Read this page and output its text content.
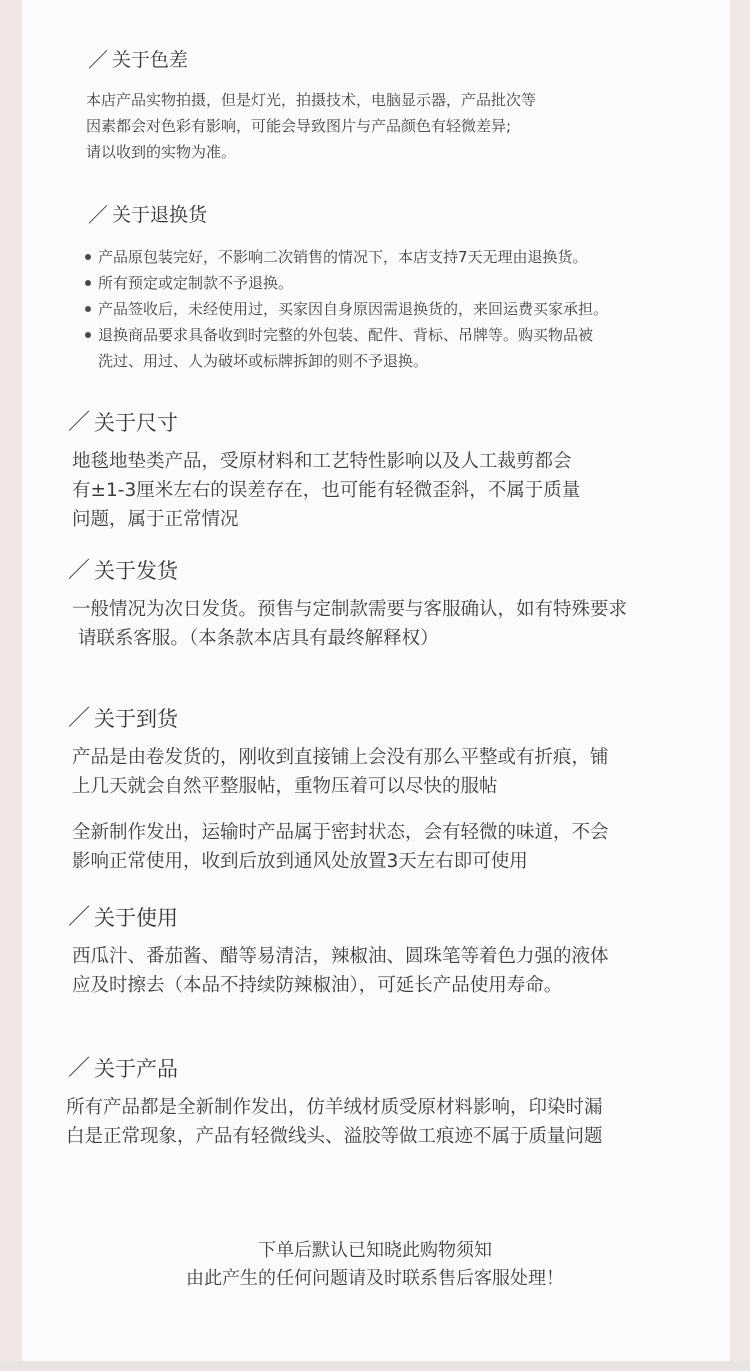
／ 关于色差

本店产品实物拍摄，但是灯光，拍摄技术，电脑显示器，产品批次等

因素都会对色彩有影响，可能会导致图片与产品颜色有轻微差异;

请以收到的实物为准。

／ 关于退换货
产品原包装完好，不影响二次销售的情况下，本店支持7天无理由退换货。
所有预定或定制款不予退换。
产品签收后，未经使用过，买家因自身原因需退换货的，来回运费买家承担。
退换商品要求具备收到时完整的外包装、配件、背标、吊牌等。购买物品被

洗过、用过、人为破坏或标牌拆卸的则不予退换。

／ 关于尺寸

地毯地垫类产品，受原材料和工艺特性影响以及人工裁剪都会

有±1-3厘米左右的误差存在，也可能有轻微歪斜，不属于质量

问题，属于正常情况

／ 关于发货

一般情况为次日发货。预售与定制款需要与客服确认，如有特殊要求

请联系客服。（本条款本店具有最终解释权）

／ 关于到货

产品是由卷发货的，刚收到直接铺上会没有那么平整或有折痕，铺

上几天就会自然平整服帖，重物压着可以尽快的服帖

全新制作发出，运输时产品属于密封状态，会有轻微的味道，不会

影响正常使用，收到后放到通风处放置3天左右即可使用

／ 关于使用

西瓜汁、番茄酱、醋等易清洁，辣椒油、圆珠笔等着色力强的液体

应及时擦去（本品不持续防辣椒油），可延长产品使用寿命。

／ 关于产品

所有产品都是全新制作发出，仿羊绒材质受原材料影响，印染时漏

白是正常现象，产品有轻微线头、溢胶等做工痕迹不属于质量问题

下单后默认已知晓此购物须知
由此产生的任何问题请及时联系售后客服处理！
